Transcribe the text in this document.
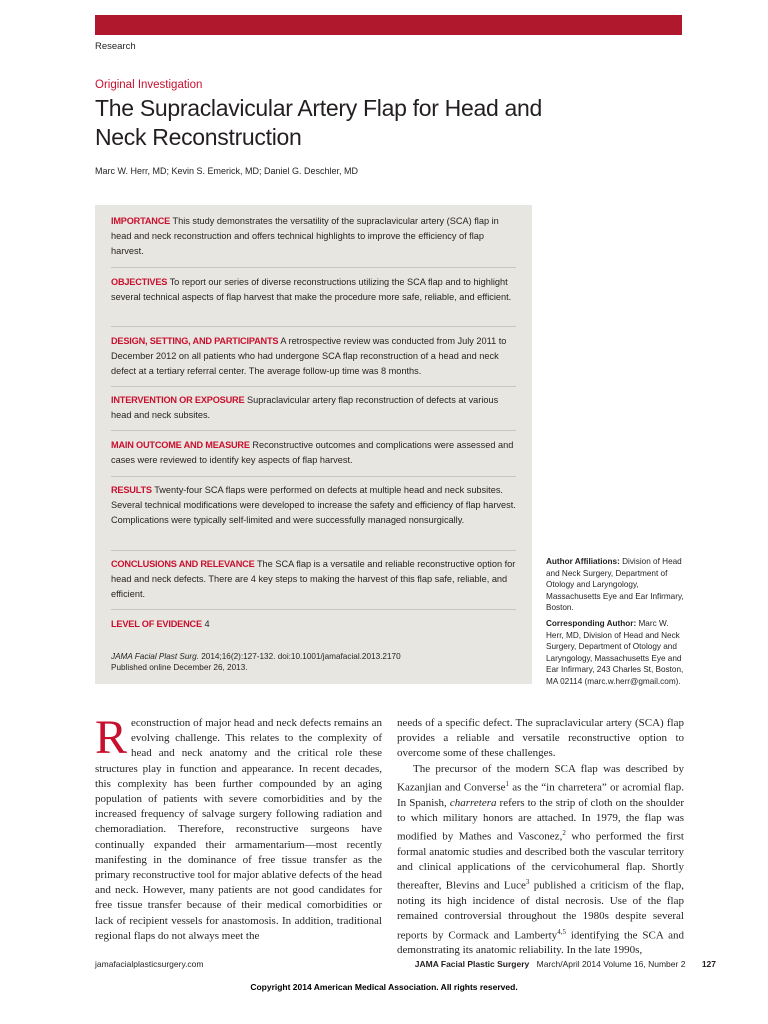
Research
Original Investigation
The Supraclavicular Artery Flap for Head and Neck Reconstruction
Marc W. Herr, MD; Kevin S. Emerick, MD; Daniel G. Deschler, MD
IMPORTANCE This study demonstrates the versatility of the supraclavicular artery (SCA) flap in head and neck reconstruction and offers technical highlights to improve the efficiency of flap harvest.
OBJECTIVES To report our series of diverse reconstructions utilizing the SCA flap and to highlight several technical aspects of flap harvest that make the procedure more safe, reliable, and efficient.
DESIGN, SETTING, AND PARTICIPANTS A retrospective review was conducted from July 2011 to December 2012 on all patients who had undergone SCA flap reconstruction of a head and neck defect at a tertiary referral center. The average follow-up time was 8 months.
INTERVENTION OR EXPOSURE Supraclavicular artery flap reconstruction of defects at various head and neck subsites.
MAIN OUTCOME AND MEASURE Reconstructive outcomes and complications were assessed and cases were reviewed to identify key aspects of flap harvest.
RESULTS Twenty-four SCA flaps were performed on defects at multiple head and neck subsites. Several technical modifications were developed to increase the safety and efficiency of flap harvest. Complications were typically self-limited and were successfully managed nonsurgically.
CONCLUSIONS AND RELEVANCE The SCA flap is a versatile and reliable reconstructive option for head and neck defects. There are 4 key steps to making the harvest of this flap safe, reliable, and efficient.
LEVEL OF EVIDENCE 4
JAMA Facial Plast Surg. 2014;16(2):127-132. doi:10.1001/jamafacial.2013.2170
Published online December 26, 2013.
Author Affiliations: Division of Head and Neck Surgery, Department of Otology and Laryngology, Massachusetts Eye and Ear Infirmary, Boston.
Corresponding Author: Marc W. Herr, MD, Division of Head and Neck Surgery, Department of Otology and Laryngology, Massachusetts Eye and Ear Infirmary, 243 Charles St, Boston, MA 02114 (marc.w.herr@gmail.com).

Reconstruction of major head and neck defects remains an evolving challenge. This relates to the complexity of head and neck anatomy and the critical role these structures play in function and appearance. In recent decades, this complexity has been further compounded by an aging population of patients with severe comorbidities and by the increased frequency of salvage surgery following radiation and chemoradiation. Therefore, reconstructive surgeons have continually expanded their armamentarium—most recently manifesting in the dominance of free tissue transfer as the primary reconstructive tool for major ablative defects of the head and neck. However, many patients are not good candidates for free tissue transfer because of their medical comorbidities or lack of recipient vessels for anastomosis. In addition, traditional regional flaps do not always meet the

needs of a specific defect. The supraclavicular artery (SCA) flap provides a reliable and versatile reconstructive option to overcome some of these challenges.

The precursor of the modern SCA flap was described by Kazanjian and Converse$^1$ as the “in charretera” or acromial flap. In Spanish, charretera refers to the strip of cloth on the shoulder to which military honors are attached. In 1979, the flap was modified by Mathes and Vasconez,$^2$ who performed the first formal anatomic studies and described both the vascular territory and clinical applications of the cervicohumeral flap. Shortly thereafter, Blevins and Luce$^3$ published a criticism of the flap, noting its high incidence of distal necrosis. Use of the flap remained controversial throughout the 1980s despite several reports by Cormack and Lamberty$^{4,5}$ identifying the SCA and demonstrating its anatomic reliability. In the late 1990s,

jamafacialplasticsurgery.com	JAMA Facial Plastic Surgery March/April 2014 Volume 16, Number 2 127
Copyright 2014 American Medical Association. All rights reserved.
